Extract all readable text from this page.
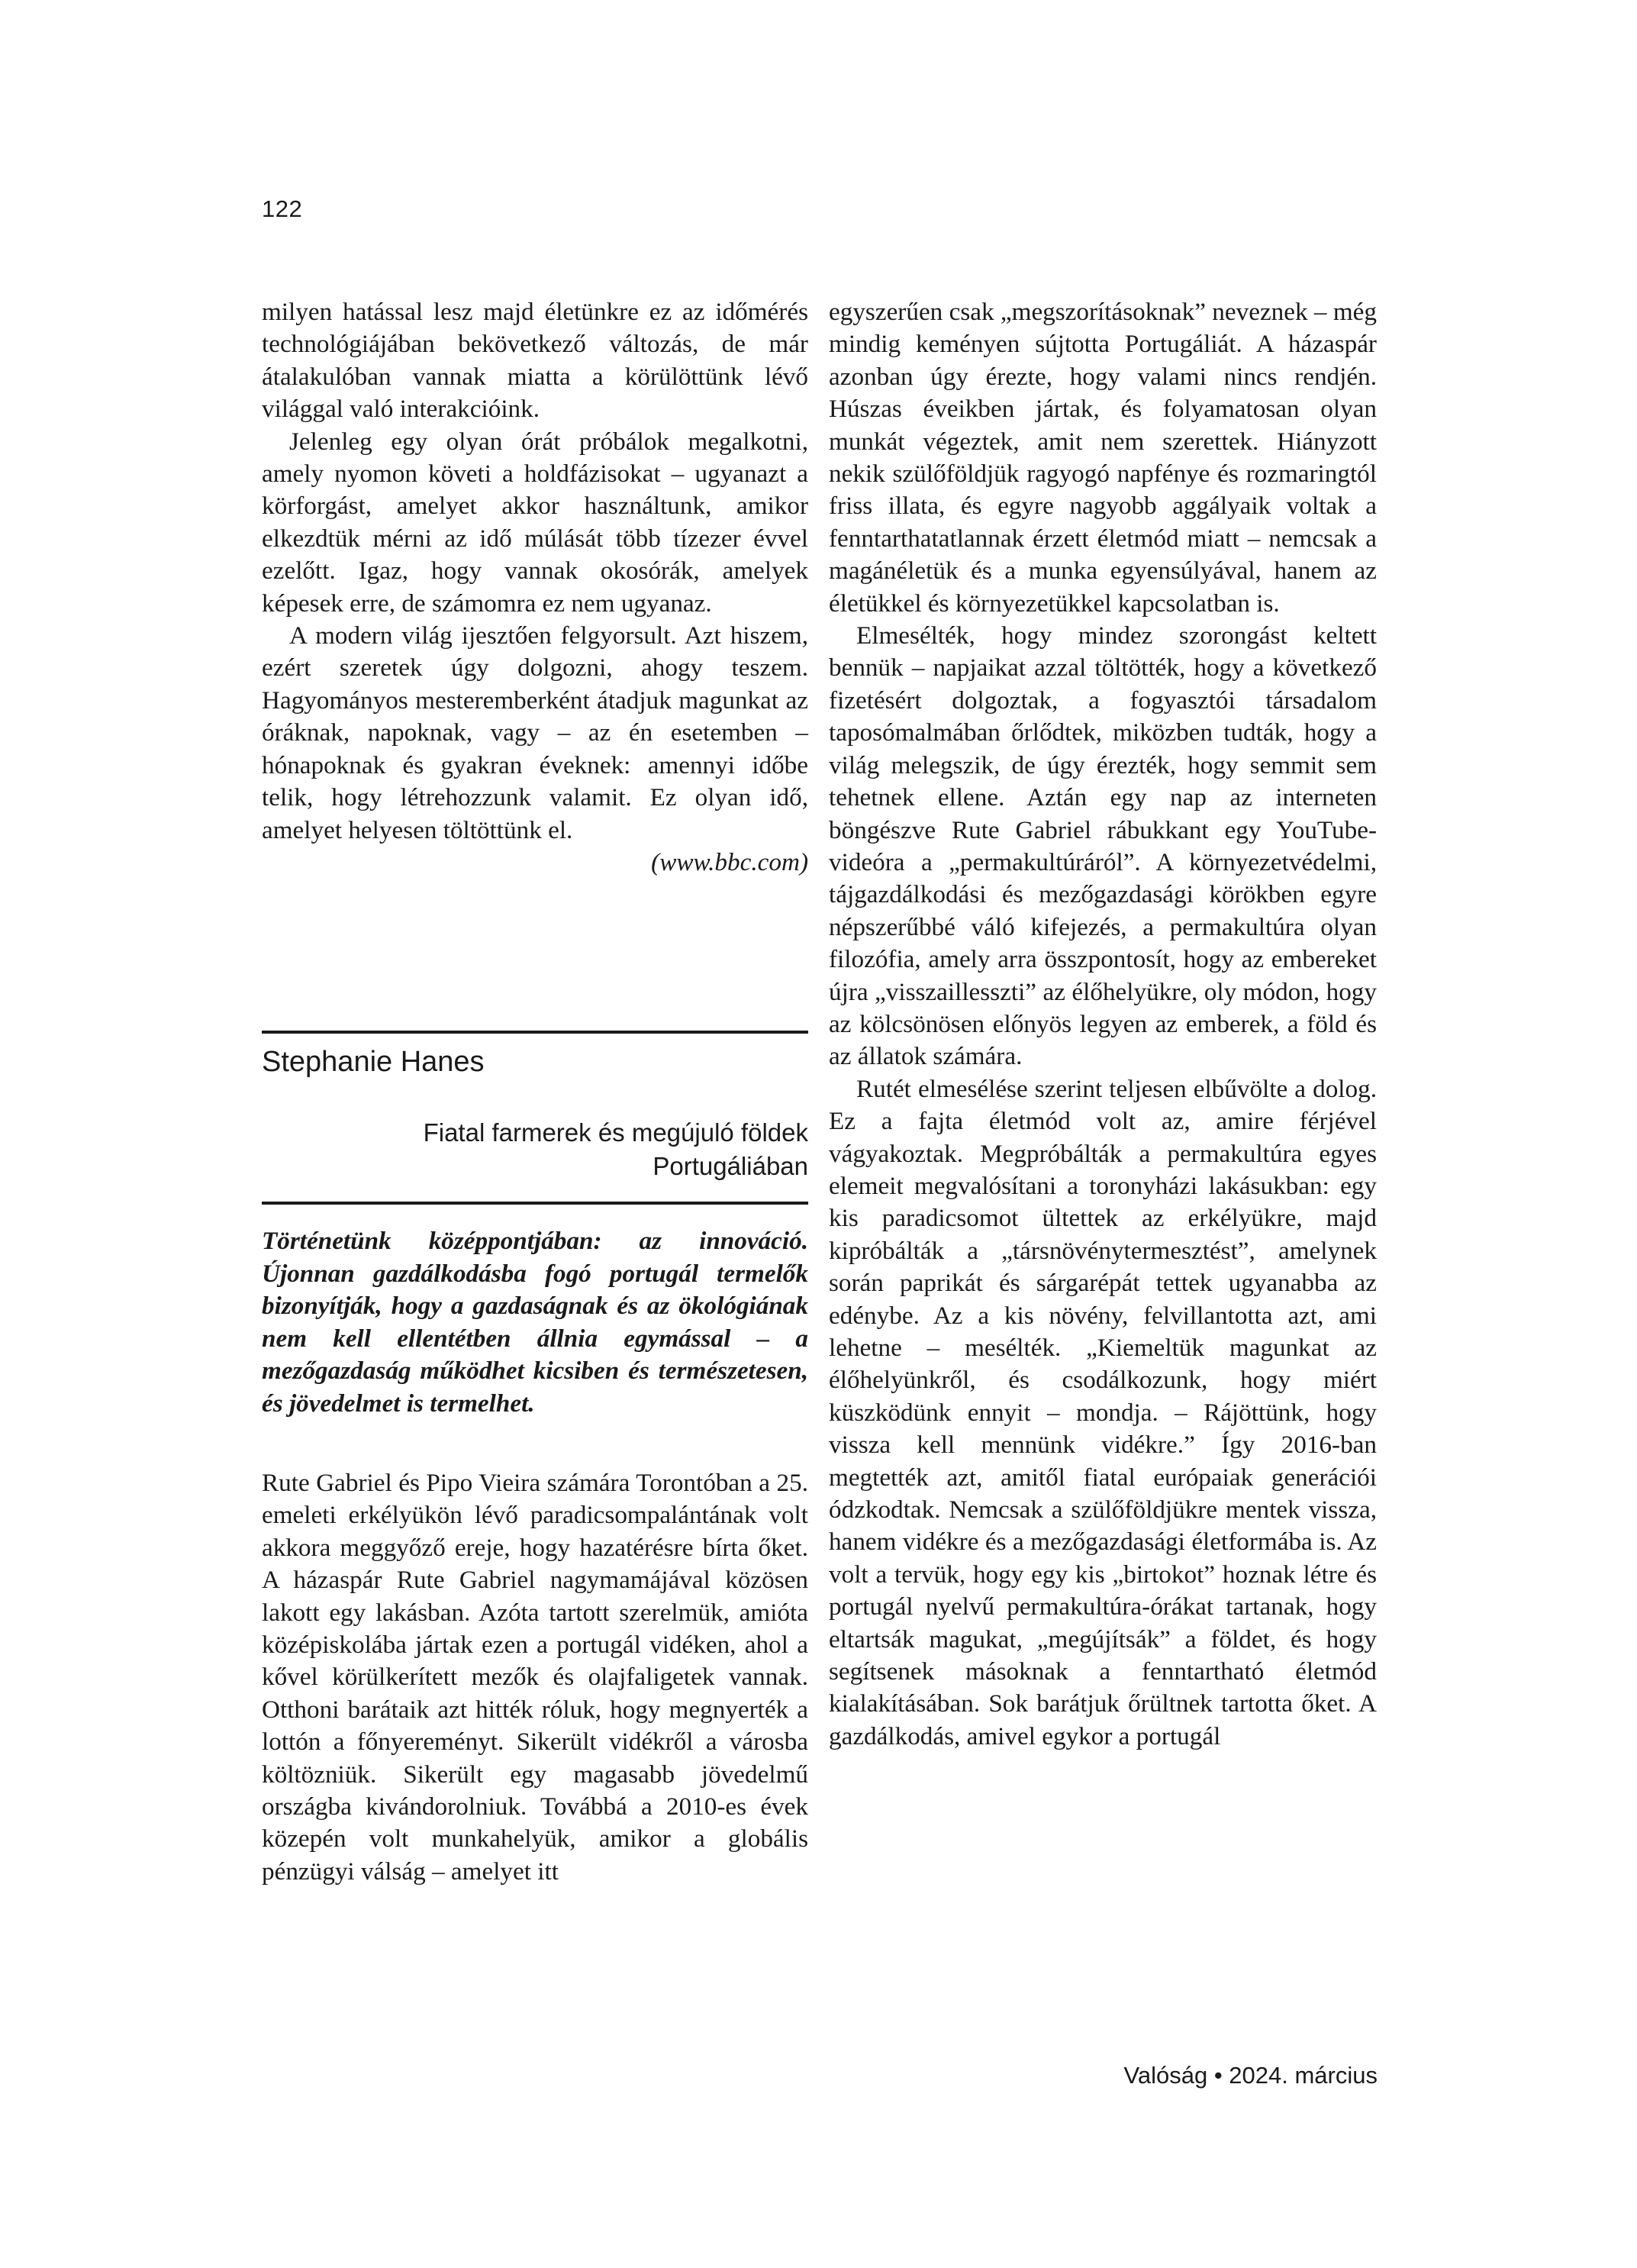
122

milyen hatással lesz majd életünkre ez az időmérés technológiájában bekövetkező változás, de már átalakulóban vannak miatta a körülöttünk lévő világgal való interakcióink.

Jelenleg egy olyan órát próbálok megalkotni, amely nyomon követi a holdfázisokat – ugyanazt a körforgást, amelyet akkor használtunk, amikor elkezdtük mérni az idő múlását több tízezer évvel ezelőtt. Igaz, hogy vannak okosórák, amelyek képesek erre, de számomra ez nem ugyanaz.

A modern világ ijesztően felgyorsult. Azt hiszem, ezért szeretek úgy dolgozni, ahogy teszem. Hagyományos mesteremberként átadjuk magunkat az óráknak, napoknak, vagy – az én esetemben – hónapoknak és gyakran éveknek: amennyi időbe telik, hogy létrehozzunk valamit. Ez olyan idő, amelyet helyesen töltöttünk el.

(www.bbc.com)

Stephanie Hanes
Fiatal farmerek és megújuló földek Portugáliában
Történetünk középpontjában: az innováció. Újonnan gazdálkodásba fogó portugál termelők bizonyítják, hogy a gazdaságnak és az ökológiának nem kell ellentétben állnia egymással – a mezőgazdaság működhet kicsiben és természetesen, és jövedelmet is termelhet.

Rute Gabriel és Pipo Vieira számára Torontóban a 25. emeleti erkélyükön lévő paradicsompalántának volt akkora meggyőző ereje, hogy hazatérésre bírta őket. A házaspár Rute Gabriel nagymamájával közösen lakott egy lakásban. Azóta tartott szerelmük, amióta középiskolába jártak ezen a portugál vidéken, ahol a kővel körülkerített mezők és olajfaligetek vannak. Otthoni barátaik azt hitték róluk, hogy megnyerték a lottón a főnyereményt. Sikerült vidékről a városba költözniük. Sikerült egy magasabb jövedelmű országba kivándorolniuk. Továbbá a 2010-es évek közepén volt munkahelyük, amikor a globális pénzügyi válság – amelyet itt

egyszerűen csak „megszorításoknak” neveznek – még mindig keményen sújtotta Portugáliát. A házaspár azonban úgy érezte, hogy valami nincs rendjén. Húszas éveikben jártak, és folyamatosan olyan munkát végeztek, amit nem szerettek. Hiányzott nekik szülőföldjük ragyogó napfénye és rozmaringtól friss illata, és egyre nagyobb aggályaik voltak a fenntarthatatlannak érzett életmód miatt – nemcsak a magánéletük és a munka egyensúlyával, hanem az életükkel és környezetükkel kapcsolatban is.

Elmesélték, hogy mindez szorongást keltett bennük – napjaikat azzal töltötték, hogy a következő fizetésért dolgoztak, a fogyasztói társadalom taposómalmában őrlődtek, miközben tudták, hogy a világ melegszik, de úgy érezték, hogy semmit sem tehetnek ellene. Aztán egy nap az interneten böngészve Rute Gabriel rábukkant egy YouTube-videóra a „permakultúráról”. A környezetvédelmi, tájgazdálkodási és mezőgazdasági körökben egyre népszerűbbé váló kifejezés, a permakultúra olyan filozófia, amely arra összpontosít, hogy az embereket újra „visszaillesszti” az élőhelyükre, oly módon, hogy az kölcsönösen előnyös legyen az emberek, a föld és az állatok számára.

Rutét elmesélése szerint teljesen elbűvölte a dolog. Ez a fajta életmód volt az, amire férjével vágyakoztak. Megpróbálták a permakultúra egyes elemeit megvalósítani a toronyházi lakásukban: egy kis paradicsomot ültettek az erkélyükre, majd kipróbálták a „társnövénytermesztést”, amelynek során paprikát és sárgarépát tettek ugyanabba az edénybe. Az a kis növény, felvillantotta azt, ami lehetne – mesélték. „Kiemeltük magunkat az élőhelyünkről, és csodálkozunk, hogy miért küszködünk ennyit – mondja. – Rájöttünk, hogy vissza kell mennünk vidékre.” Így 2016-ban megtették azt, amitől fiatal európaiak generációi ódzkodtak. Nemcsak a szülőföldjükre mentek vissza, hanem vidékre és a mezőgazdasági életformába is. Az volt a tervük, hogy egy kis „birtokot” hoznak létre és portugál nyelvű permakultúra-órákat tartanak, hogy eltartsák magukat, „megújítsák” a földet, és hogy segítsenek másoknak a fenntartható életmód kialakításában. Sok barátjuk őrültnek tartotta őket. A gazdálkodás, amivel egykor a portugál

Valóság • 2024. március
